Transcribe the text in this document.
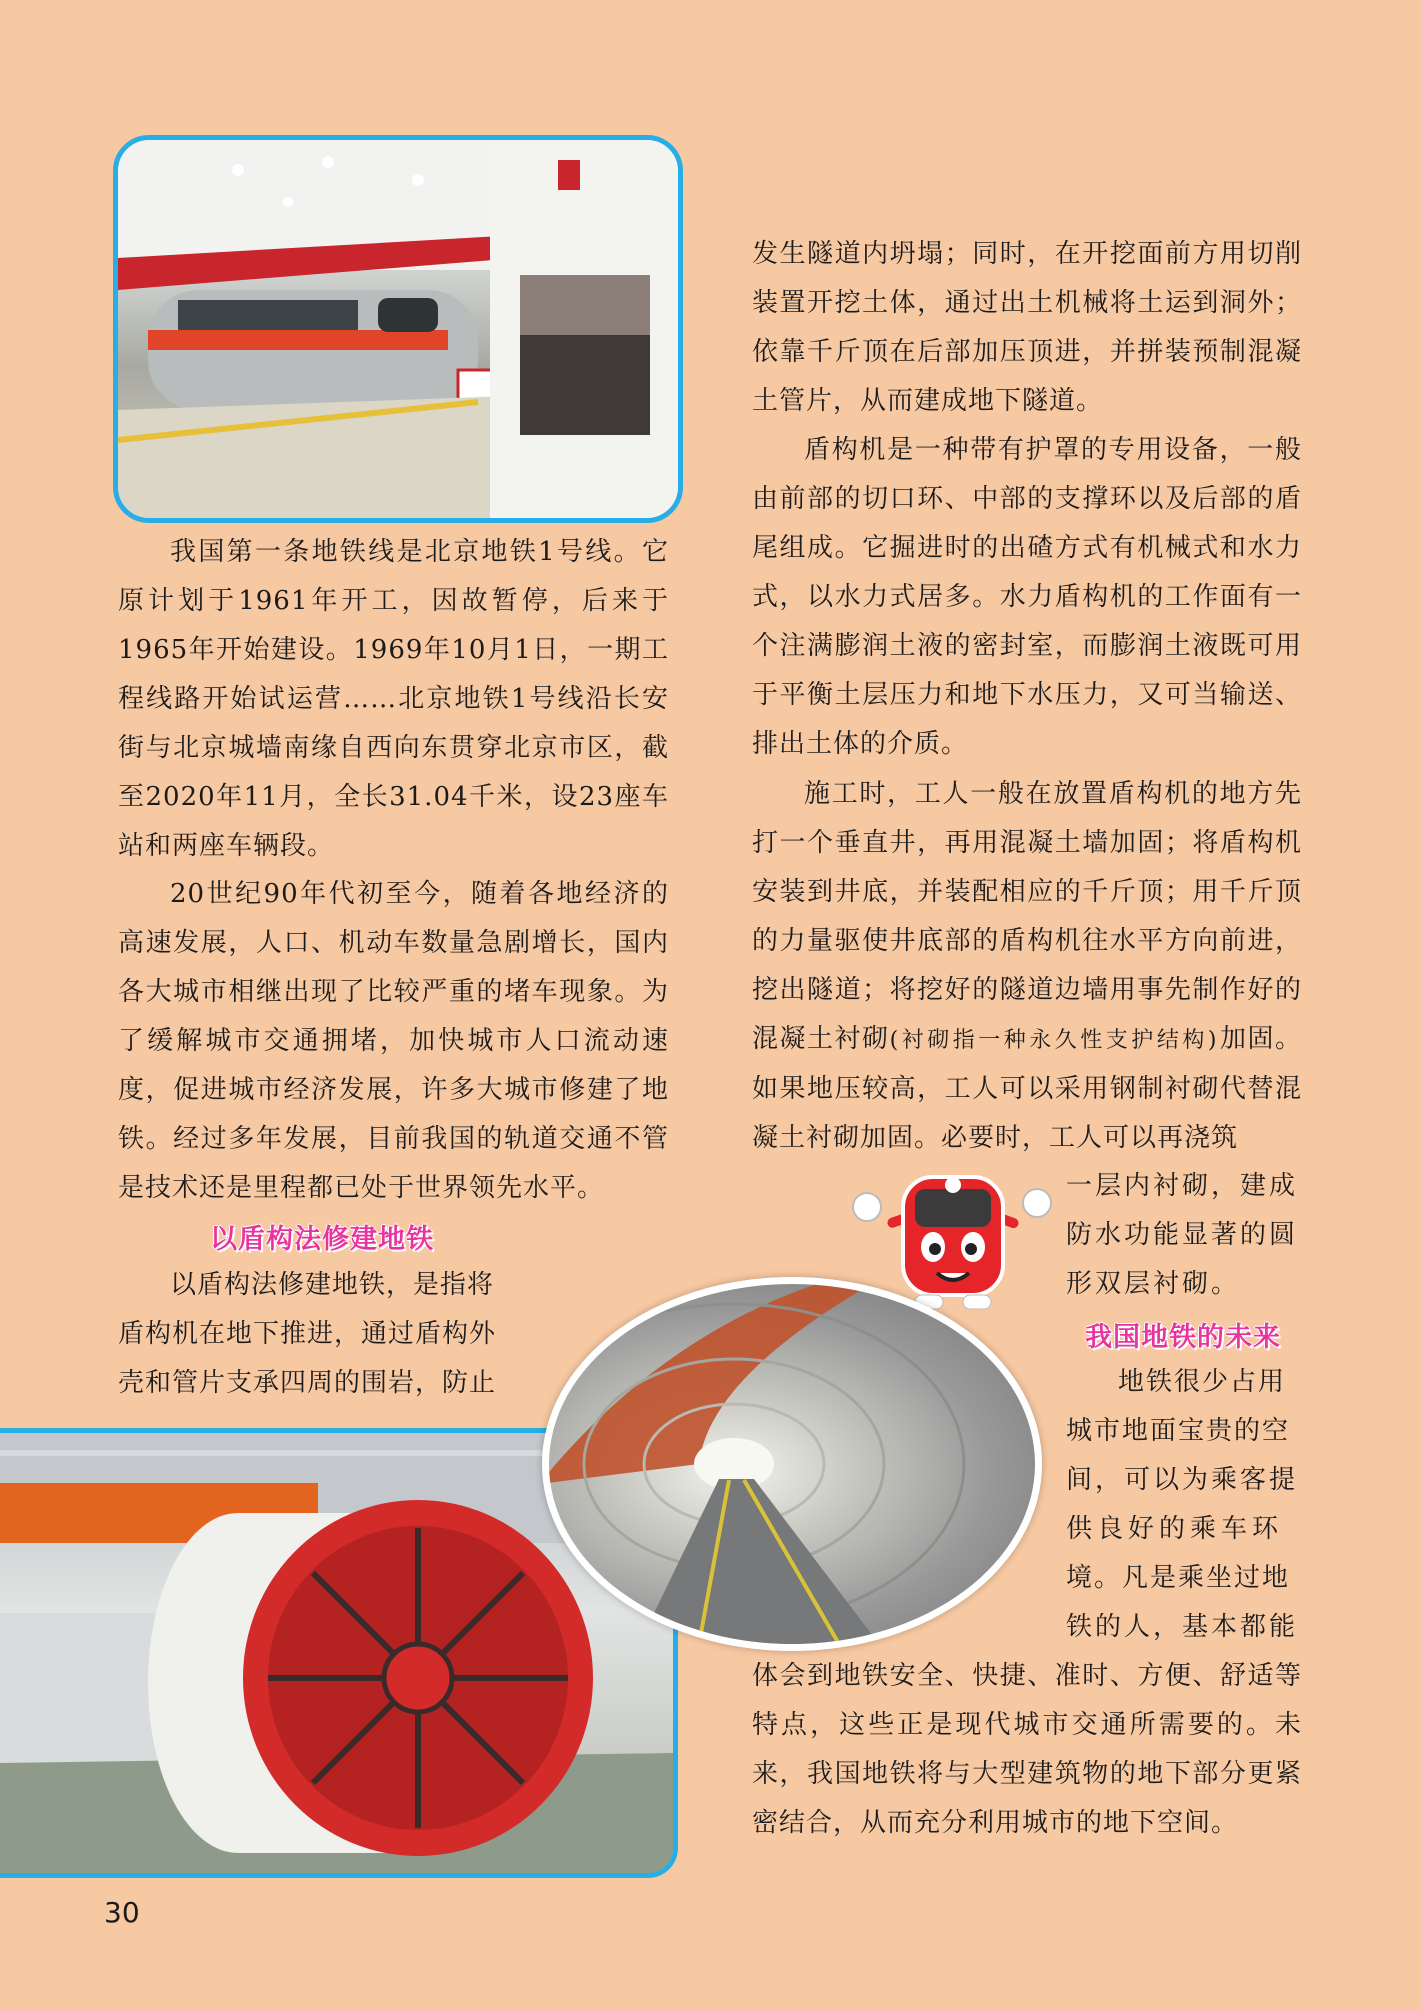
我国第一条地铁线是北京地铁1号线。它原计划于1961年开工，因故暂停，后来于1965年开始建设。1969年10月1日，一期工程线路开始试运营……北京地铁1号线沿长安街与北京城墙南缘自西向东贯穿北京市区，截至2020年11月，全长31.04千米，设23座车站和两座车辆段。

20世纪90年代初至今，随着各地经济的高速发展，人口、机动车数量急剧增长，国内各大城市相继出现了比较严重的堵车现象。为了缓解城市交通拥堵，加快城市人口流动速度，促进城市经济发展，许多大城市修建了地铁。经过多年发展，目前我国的轨道交通不管是技术还是里程都已处于世界领先水平。

以盾构法修建地铁

以盾构法修建地铁，是指将

盾构机在地下推进，通过盾构外

壳和管片支承四周的围岩，防止

发生隧道内坍塌；同时，在开挖面前方用切削装置开挖土体，通过出土机械将土运到洞外；依靠千斤顶在后部加压顶进，并拼装预制混凝土管片，从而建成地下隧道。

盾构机是一种带有护罩的专用设备，一般由前部的切口环、中部的支撑环以及后部的盾尾组成。它掘进时的出碴方式有机械式和水力式，以水力式居多。水力盾构机的工作面有一个注满膨润土液的密封室，而膨润土液既可用于平衡土层压力和地下水压力，又可当输送、排出土体的介质。

施工时，工人一般在放置盾构机的地方先打一个垂直井，再用混凝土墙加固；将盾构机安装到井底，并装配相应的千斤顶；用千斤顶的力量驱使井底部的盾构机往水平方向前进，挖出隧道；将挖好的隧道边墙用事先制作好的混凝土衬砌(衬砌指一种永久性支护结构)加固。如果地压较高，工人可以采用钢制衬砌代替混凝土衬砌加固。必要时，工人可以再浇筑

一层内衬砌，建成

防水功能显著的圆

形双层衬砌。

我国地铁的未来

地铁很少占用

城市地面宝贵的空

间，可以为乘客提

供良好的乘车环

境。凡是乘坐过地

铁的人，基本都能

体会到地铁安全、快捷、准时、方便、舒适等特点，这些正是现代城市交通所需要的。未来，我国地铁将与大型建筑物的地下部分更紧密结合，从而充分利用城市的地下空间。

30
